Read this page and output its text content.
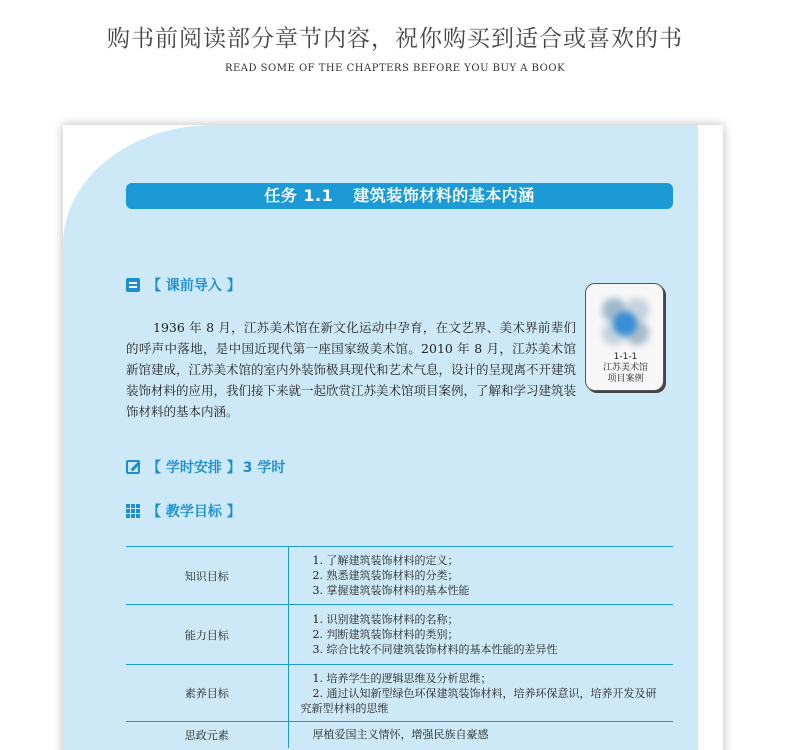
购书前阅读部分章节内容，祝你购买到适合或喜欢的书
READ SOME OF THE CHAPTERS BEFORE YOU BUY A BOOK
任务 1.1 建筑装饰材料的基本内涵
【 课前导入 】
1936 年 8 月，江苏美术馆在新文化运动中孕育，在文艺界、美术界前辈们的呼声中落地，是中国近现代第一座国家级美术馆。2010 年 8 月，江苏美术馆新馆建成，江苏美术馆的室内外装饰极具现代和艺术气息，设计的呈现离不开建筑装饰材料的应用，我们接下来就一起欣赏江苏美术馆项目案例，了解和学习建筑装饰材料的基本内涵。
1-1-1
江苏美术馆
项目案例
【 学时安排 】 3 学时
【 教学目标 】
知识目标	1. 了解建筑装饰材料的定义；
2. 熟悉建筑装饰材料的分类；
3. 掌握建筑装饰材料的基本性能

能力目标	1. 识别建筑装饰材料的名称；
2. 判断建筑装饰材料的类别；
3. 综合比较不同建筑装饰材料的基本性能的差异性

素养目标	1. 培养学生的逻辑思维及分析思维；
2. 通过认知新型绿色环保建筑装饰材料，培养环保意识，培养开发及研究新型材料的思维

思政元素	厚植爱国主义情怀，增强民族自豪感
